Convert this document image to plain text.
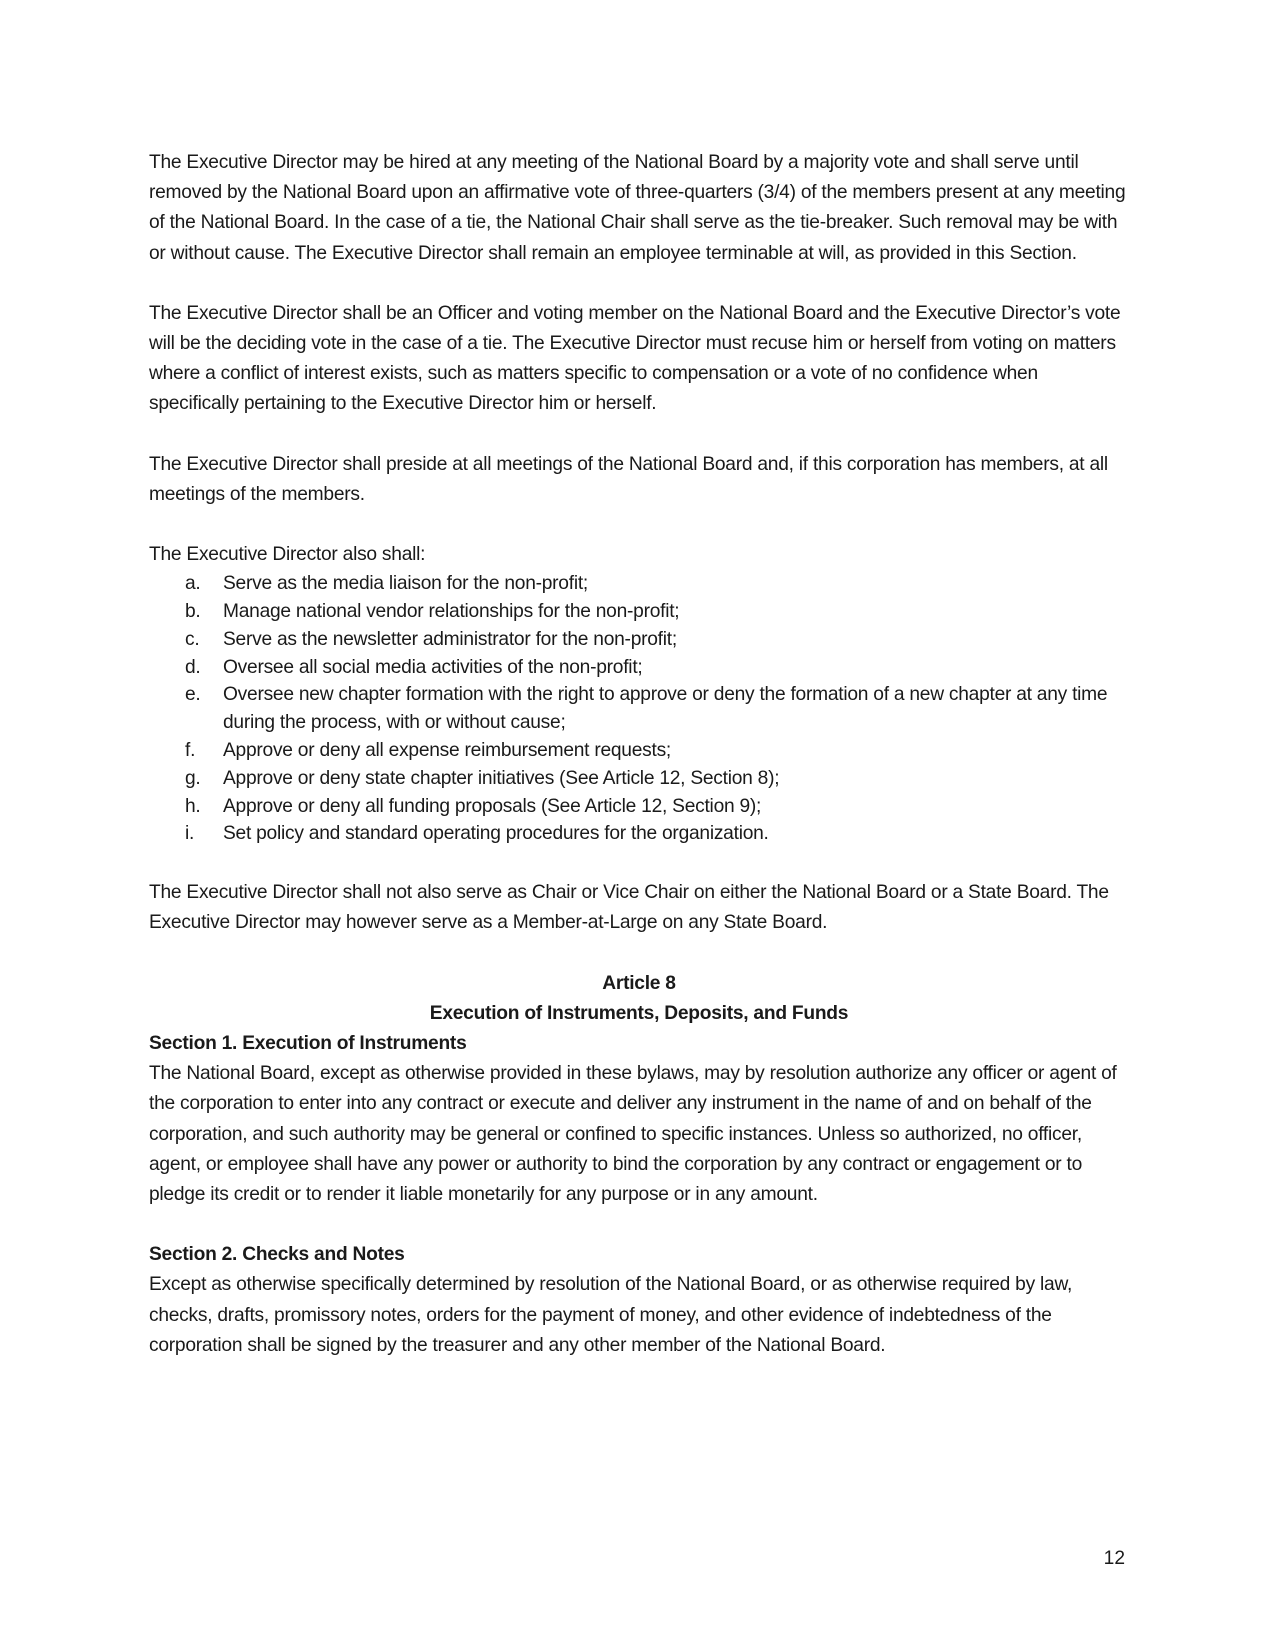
The Executive Director may be hired at any meeting of the National Board by a majority vote and shall serve until removed by the National Board upon an affirmative vote of three-quarters (3/4) of the members present at any meeting of the National Board. In the case of a tie, the National Chair shall serve as the tie-breaker. Such removal may be with or without cause. The Executive Director shall remain an employee terminable at will, as provided in this Section.

The Executive Director shall be an Officer and voting member on the National Board and the Executive Director’s vote will be the deciding vote in the case of a tie. The Executive Director must recuse him or herself from voting on matters where a conflict of interest exists, such as matters specific to compensation or a vote of no confidence when specifically pertaining to the Executive Director him or herself.

The Executive Director shall preside at all meetings of the National Board and, if this corporation has members, at all meetings of the members.

The Executive Director also shall:

a.	Serve as the media liaison for the non-profit;
b.	Manage national vendor relationships for the non-profit;
c.	Serve as the newsletter administrator for the non-profit;
d.	Oversee all social media activities of the non-profit;
e.	Oversee new chapter formation with the right to approve or deny the formation of a new chapter at any time during the process, with or without cause;
f.	Approve or deny all expense reimbursement requests;
g.	Approve or deny state chapter initiatives (See Article 12, Section 8);
h.	Approve or deny all funding proposals (See Article 12, Section 9);
i.	Set policy and standard operating procedures for the organization.

The Executive Director shall not also serve as Chair or Vice Chair on either the National Board or a State Board. The Executive Director may however serve as a Member-at-Large on any State Board.

Article 8

Execution of Instruments, Deposits, and Funds

Section 1. Execution of Instruments

The National Board, except as otherwise provided in these bylaws, may by resolution authorize any officer or agent of the corporation to enter into any contract or execute and deliver any instrument in the name of and on behalf of the corporation, and such authority may be general or confined to specific instances. Unless so authorized, no officer, agent, or employee shall have any power or authority to bind the corporation by any contract or engagement or to pledge its credit or to render it liable monetarily for any purpose or in any amount.

Section 2. Checks and Notes

Except as otherwise specifically determined by resolution of the National Board, or as otherwise required by law, checks, drafts, promissory notes, orders for the payment of money, and other evidence of indebtedness of the corporation shall be signed by the treasurer and any other member of the National Board.

12
